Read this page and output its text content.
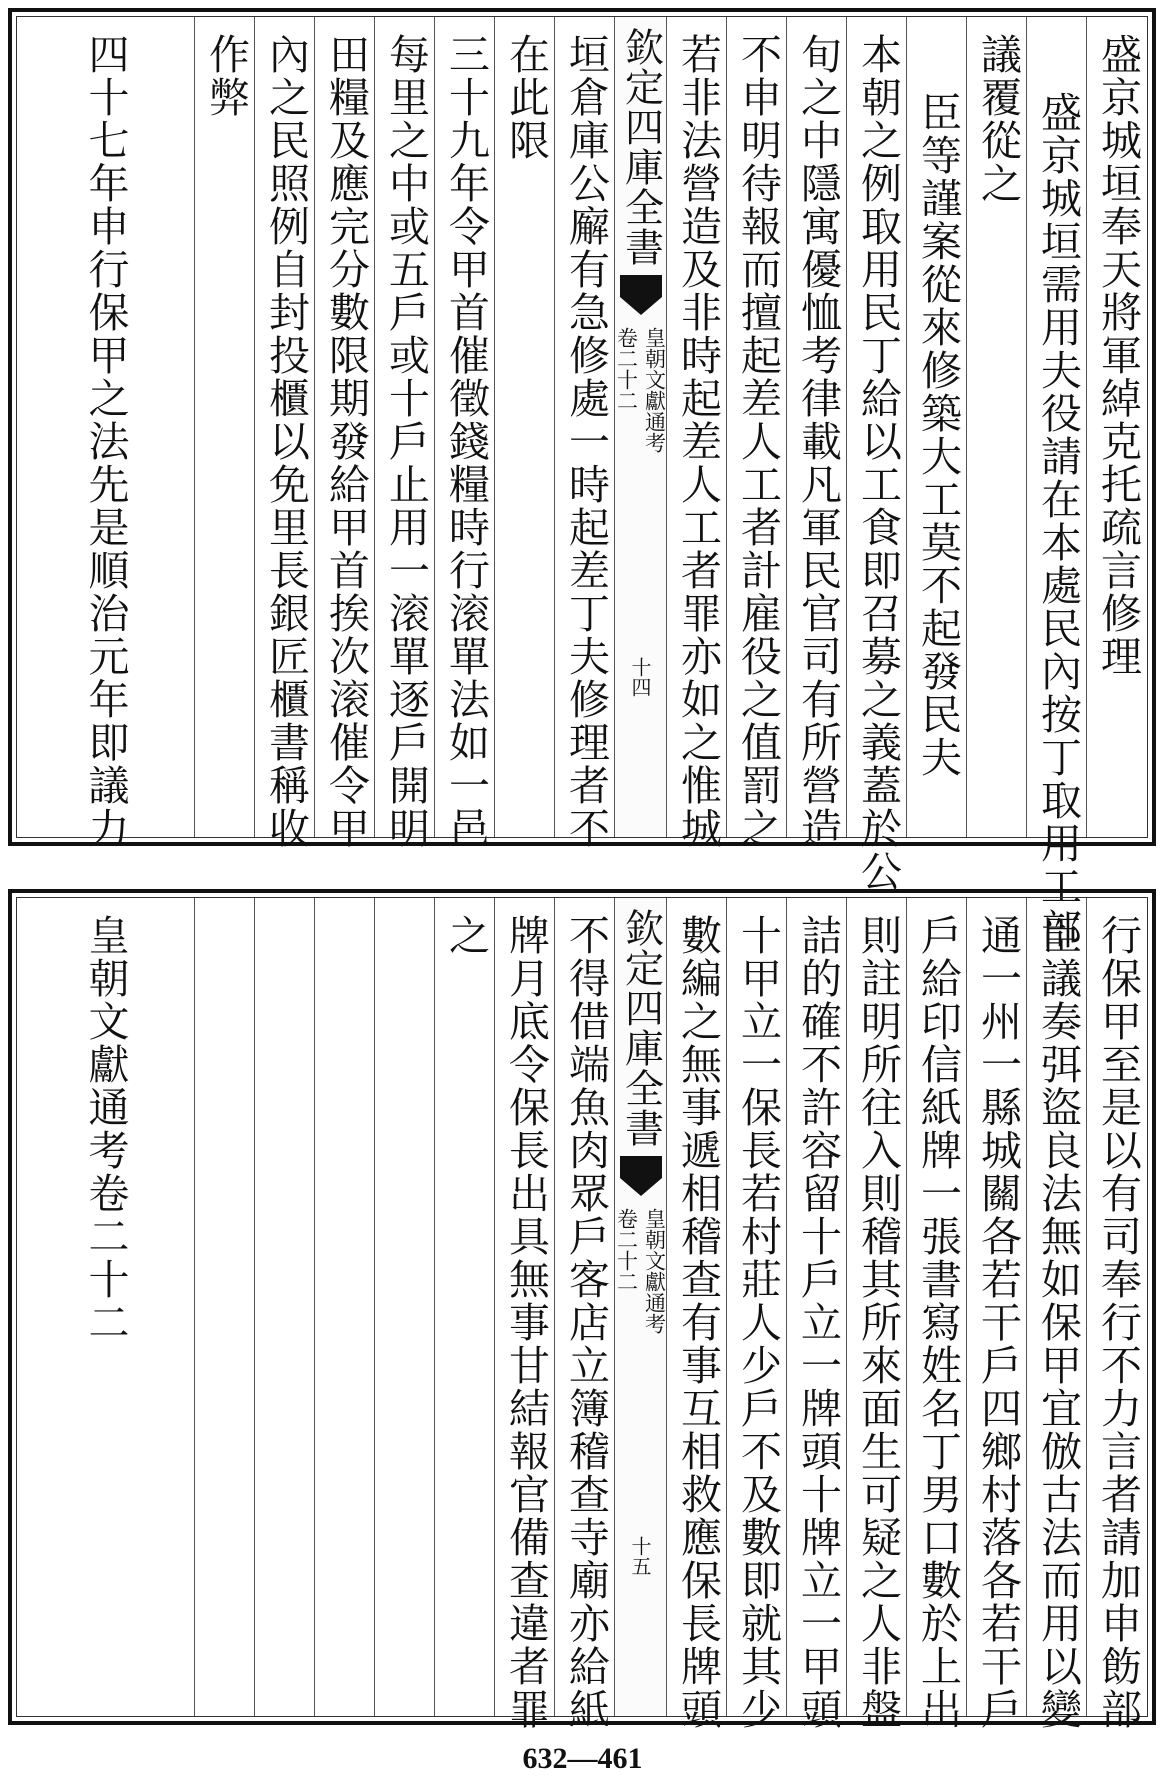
盛京城垣奉天將軍綽克托疏言修理
盛京城垣需用夫役請在本處民內按丁取用工部
議覆從之
臣等謹案從來修築大工莫不起發民夫
本朝之例取用民丁給以工食即召募之義蓋於公
旬之中隱寓優恤考律載凡軍民官司有所營造
不申明待報而擅起差人工者計雇役之值罰之
若非法營造及非時起差人工者罪亦如之惟城
欽定四庫全書
皇朝文獻通考
卷二十二
十四
垣倉庫公廨有急修處一時起差丁夫修理者不
在此限
三十九年令甲首催徵錢糧時行滚單法如一邑
每里之中或五戶或十戶止用一滚單逐戶開明
田糧及應完分數限期發給甲首挨次滚催令甲
內之民照例自封投櫃以免里長銀匠櫃書稱收
作弊
四十七年申行保甲之法先是順治元年即議力
行保甲至是以有司奉行不力言者請加申飭部
臣議奏弭盜良法無如保甲宜倣古法而用以變
通一州一縣城關各若干戶四鄉村落各若干戶
戶給印信紙牌一張書寫姓名丁男口數於上出
則註明所往入則稽其所來面生可疑之人非盤
詰的確不許容留十戶立一牌頭十牌立一甲頭
十甲立一保長若村莊人少戶不及數即就其少
數編之無事遞相稽查有事互相救應保長牌頭
欽定四庫全書
皇朝文獻通考
卷二十二
十五
不得借端魚肉眾戶客店立簿稽查寺廟亦給紙
牌月底令保長出具無事甘結報官備查違者罪
之
皇朝文獻通考卷二十二
632—461
